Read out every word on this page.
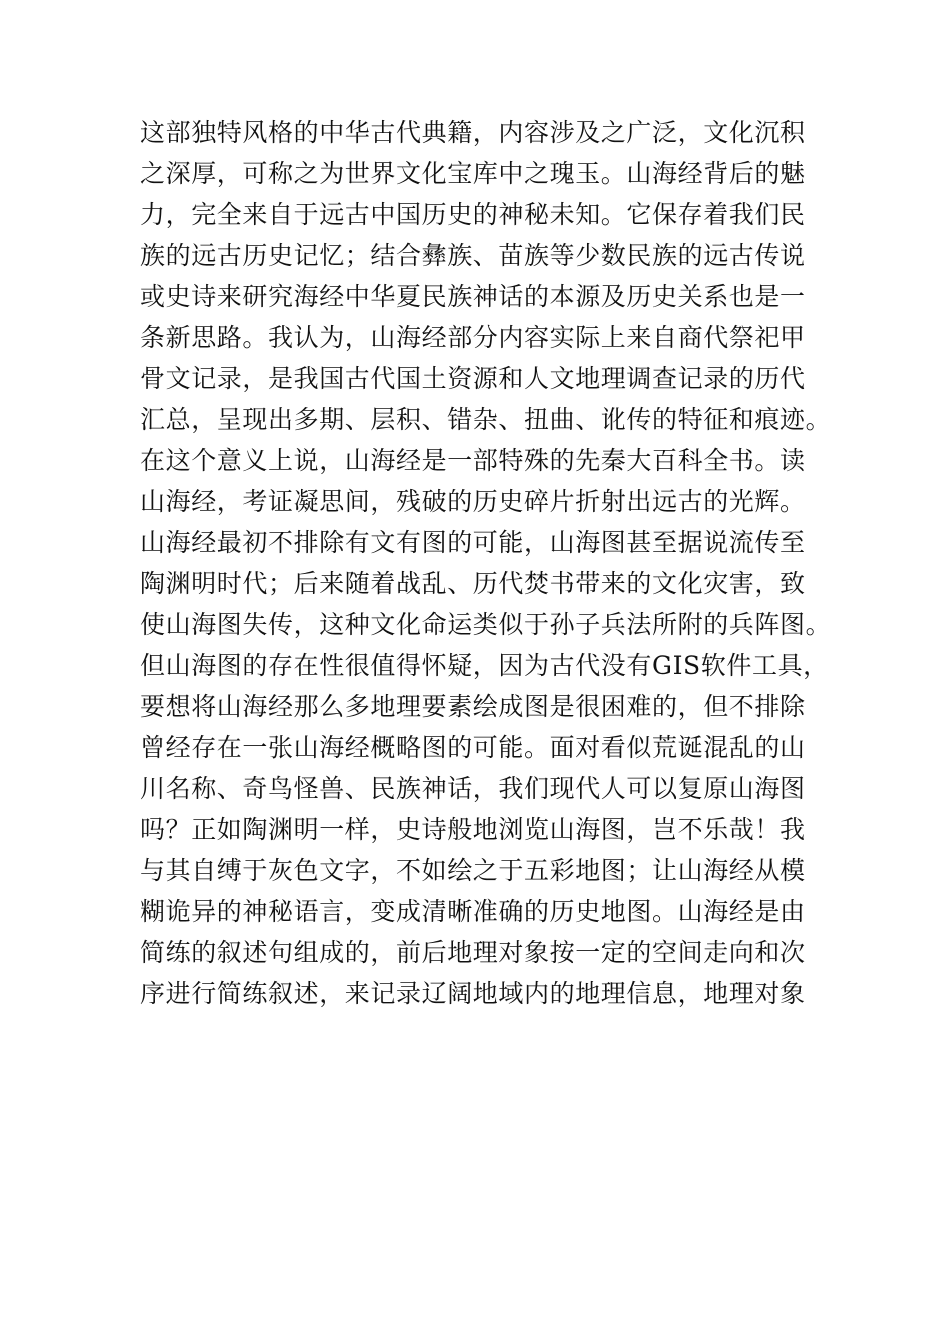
这部独特风格的中华古代典籍，内容涉及之广泛，文化沉积
之深厚，可称之为世界文化宝库中之瑰玉。山海经背后的魅
力，完全来自于远古中国历史的神秘未知。它保存着我们民
族的远古历史记忆；结合彝族、苗族等少数民族的远古传说
或史诗来研究海经中华夏民族神话的本源及历史关系也是一
条新思路。我认为，山海经部分内容实际上来自商代祭祀甲
骨文记录，是我国古代国土资源和人文地理调查记录的历代
汇总，呈现出多期、层积、错杂、扭曲、讹传的特征和痕迹。
在这个意义上说，山海经是一部特殊的先秦大百科全书。读
山海经，考证凝思间，残破的历史碎片折射出远古的光辉。
山海经最初不排除有文有图的可能，山海图甚至据说流传至
陶渊明时代；后来随着战乱、历代焚书带来的文化灾害，致
使山海图失传，这种文化命运类似于孙子兵法所附的兵阵图。
但山海图的存在性很值得怀疑，因为古代没有GIS软件工具，
要想将山海经那么多地理要素绘成图是很困难的，但不排除
曾经存在一张山海经概略图的可能。面对看似荒诞混乱的山
川名称、奇鸟怪兽、民族神话，我们现代人可以复原山海图
吗？正如陶渊明一样，史诗般地浏览山海图，岂不乐哉！我
与其自缚于灰色文字，不如绘之于五彩地图；让山海经从模
糊诡异的神秘语言，变成清晰准确的历史地图。山海经是由
简练的叙述句组成的，前后地理对象按一定的空间走向和次
序进行简练叙述，来记录辽阔地域内的地理信息，地理对象
